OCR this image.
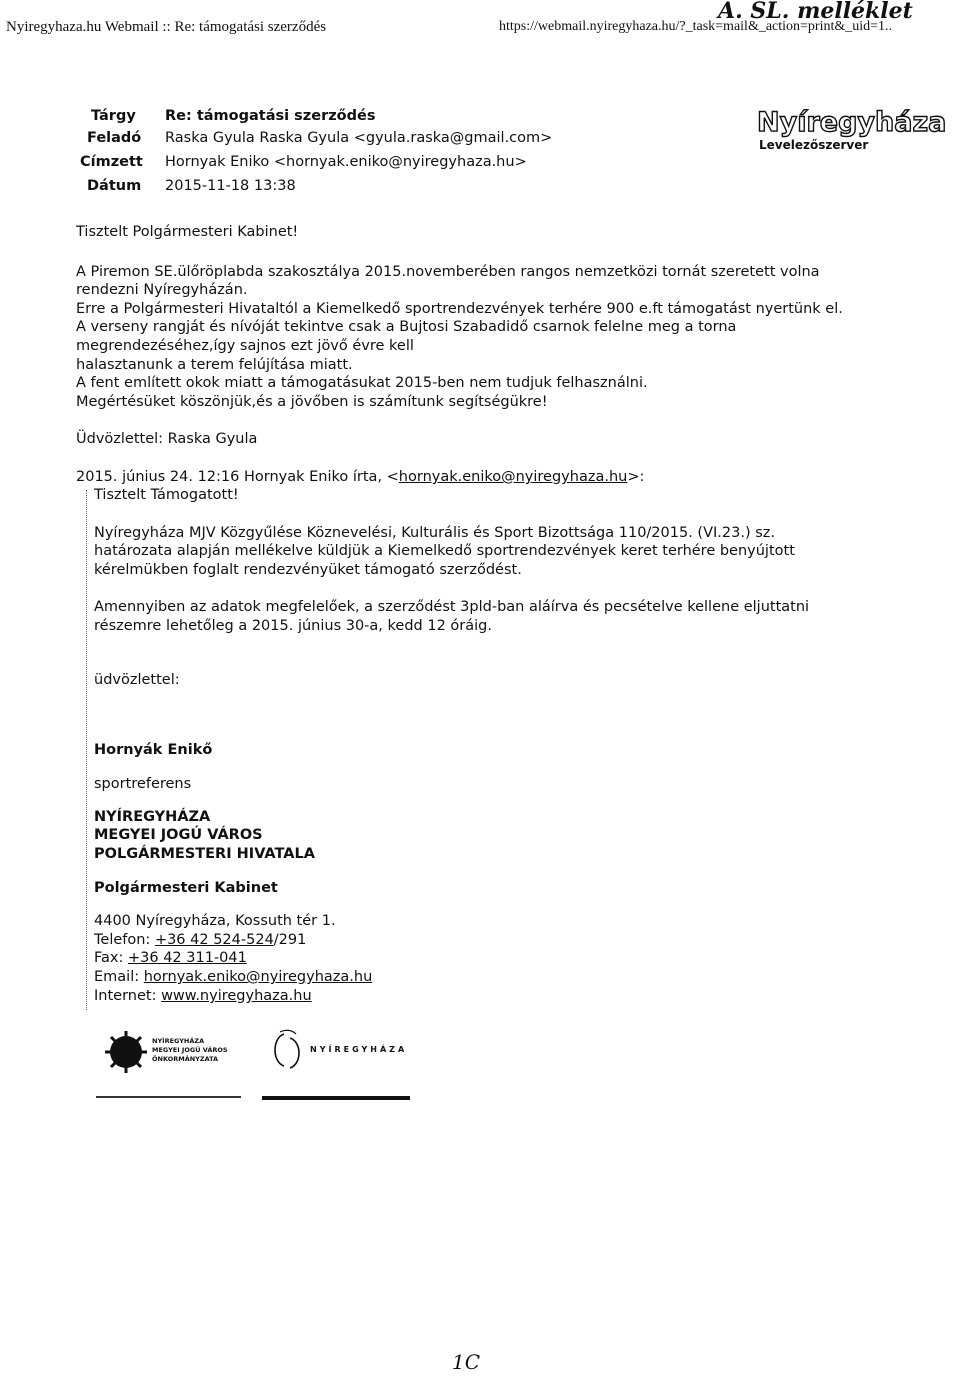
Nyiregyhaza.hu Webmail :: Re: támogatási szerződés	https://webmail.nyiregyhaza.hu/?_task=mail&_action=print&_uid=1..
A. SL. melléklet
Tárgy Re: támogatási szerződés
Feladó Raska Gyula Raska Gyula <gyula.raska@gmail.com>
Címzett Hornyak Eniko <hornyak.eniko@nyiregyhaza.hu>
Dátum 2015-11-18 13:38
Nyíregyháza
Levelezőszerver
Tisztelt Polgármesteri Kabinet!
A Piremon SE.ülőröplabda szakosztálya 2015.novemberében rangos nemzetközi tornát szeretett volna
rendezni Nyíregyházán.
Erre a Polgármesteri Hivataltól a Kiemelkedő sportrendezvények terhére 900 e.ft támogatást nyertünk el.
A verseny rangját és nívóját tekintve csak a Bujtosi Szabadidő csarnok felelne meg a torna
megrendezéséhez,így sajnos ezt jövő évre kell
halasztanunk a terem felújítása miatt.
A fent említett okok miatt a támogatásukat 2015-ben nem tudjuk felhasználni.
Megértésüket köszönjük,és a jövőben is számítunk segítségükre!
Üdvözlettel: Raska Gyula
2015. június 24. 12:16 Hornyak Eniko írta, <hornyak.eniko@nyiregyhaza.hu>:
Tisztelt Támogatott!
Nyíregyháza MJV Közgyűlése Köznevelési, Kulturális és Sport Bizottsága 110/2015. (VI.23.) sz.
határozata alapján mellékelve küldjük a Kiemelkedő sportrendezvények keret terhére benyújtott
kérelmükben foglalt rendezvényüket támogató szerződést.
Amennyiben az adatok megfelelőek, a szerződést 3pld-ban aláírva és pecsételve kellene eljuttatni
részemre lehetőleg a 2015. június 30-a, kedd 12 óráig.
üdvözlettel:
Hornyák Enikő
sportreferens
NYÍREGYHÁZA
MEGYEI JOGÚ VÁROS
POLGÁRMESTERI HIVATALA
Polgármesteri Kabinet
4400 Nyíregyháza, Kossuth tér 1.
Telefon: +36 42 524-524/291
Fax: +36 42 311-041
Email: hornyak.eniko@nyiregyhaza.hu
Internet: www.nyiregyhaza.hu
NYÍREGYHÁZA
MEGYEI JOGÚ VÁROS
ÖNKORMÁNYZATA
NYÍREGYHÁZA
1C
